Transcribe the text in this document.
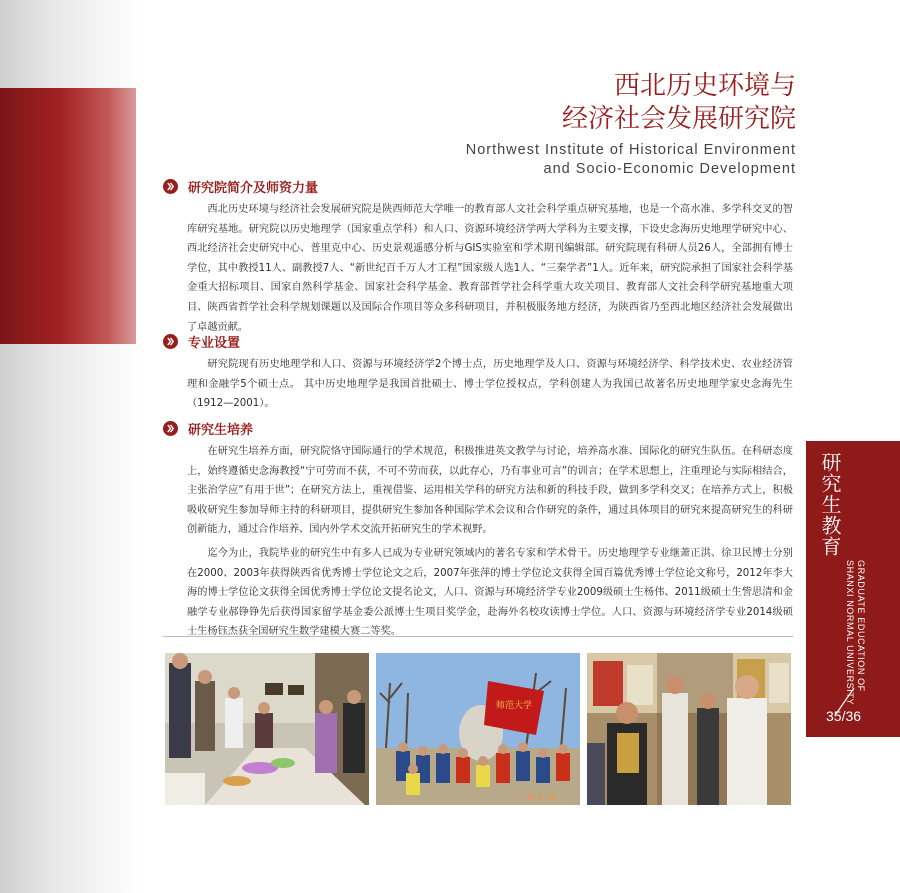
西北历史环境与
经济社会发展研究院
Northwest Institute of Historical Environment
and Socio-Economic Development
研究院简介及师资力量

西北历史环境与经济社会发展研究院是陕西师范大学唯一的教育部人文社会科学重点研究基地，也是一个高水准、多学科交叉的智库研究基地。研究院以历史地理学（国家重点学科）和人口、资源环境经济学两大学科为主要支撑，下设史念海历史地理学研究中心、西北经济社会史研究中心、普里克中心、历史景观遥感分析与GIS实验室和学术期刊编辑部。研究院现有科研人员26人，全部拥有博士学位，其中教授11人、副教授7人、“新世纪百千万人才工程”国家级人选1人、“三秦学者”1人。近年来，研究院承担了国家社会科学基金重大招标项目、国家自然科学基金、国家社会科学基金、教育部哲学社会科学重大攻关项目、教育部人文社会科学研究基地重大项目、陕西省哲学社会科学规划课题以及国际合作项目等众多科研项目，并积极服务地方经济，为陕西省乃至西北地区经济社会发展做出了卓越贡献。

专业设置

研究院现有历史地理学和人口、资源与环境经济学2个博士点，历史地理学及人口、资源与环境经济学、科学技术史、农业经济管理和金融学5个硕士点。 其中历史地理学是我国首批硕士、博士学位授权点，学科创建人为我国已故著名历史地理学家史念海先生（1912—2001）。

研究生培养

在研究生培养方面，研究院恪守国际通行的学术规范，积极推进英文教学与讨论，培养高水准、国际化的研究生队伍。在科研态度上，始终遵循史念海教授“宁可劳而不获，不可不劳而获，以此存心，乃有事业可言”的训言；在学术思想上，注重理论与实际相结合，主张治学应“有用于世”；在研究方法上，重视借鉴、运用相关学科的研究方法和新的科技手段，做到多学科交叉；在培养方式上，积极吸收研究生参加导师主持的科研项目，提供研究生参加各种国际学术会议和合作研究的条件，通过具体项目的研究来提高研究生的科研创新能力，通过合作培养、国内外学术交流开拓研究生的学术视野。

迄今为止，我院毕业的研究生中有多人已成为专业研究领域内的著名专家和学术骨干。历史地理学专业继萧正洪、徐卫民博士分别在2000、2003年获得陕西省优秀博士学位论文之后，2007年张萍的博士学位论文获得全国百篇优秀博士学位论文称号，2012年李大海的博士学位论文获得全国优秀博士学位论文提名论文，人口、资源与环境经济学专业2009级硕士生杨伟、2011级硕士生訾思清和金融学专业郝铮铮先后获得国家留学基金委公派博士生项目奖学金，赴海外名校攻读博士学位。人口、资源与环境经济学专业2014级硕士生杨钰杰获全国研究生数学建模大赛二等奖。

研究生教育
GRADUATE EDUCATION OF
SHANXI NORMAL UNIVERSITY
35/36
师范大学
20 6.30
